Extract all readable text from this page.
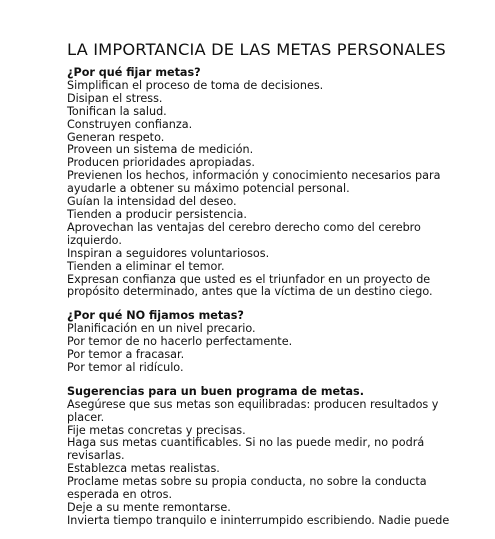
LA IMPORTANCIA DE LAS METAS PERSONALES

¿Por qué fijar metas?

Simplifican el proceso de toma de decisiones.
Disipan el stress.
Tonifican la salud.
Construyen confianza.
Generan respeto.
Proveen un sistema de medición.
Producen prioridades apropiadas.
Previenen los hechos, información y conocimiento necesarios para ayudarle a obtener su máximo potencial personal.
Guían la intensidad del deseo.
Tienden a producir persistencia.
Aprovechan las ventajas del cerebro derecho como del cerebro izquierdo.
Inspiran a seguidores voluntariosos.
Tienden a eliminar el temor.
Expresan confianza que usted es el triunfador en un proyecto de propósito determinado, antes que la víctima de un destino ciego.

¿Por qué NO fijamos metas?

Planificación en un nivel precario.
Por temor de no hacerlo perfectamente.
Por temor a fracasar.
Por temor al ridículo.

Sugerencias para un buen programa de metas.

Asegúrese que sus metas son equilibradas: producen resultados y placer.
Fije metas concretas y precisas.
Haga sus metas cuantificables. Si no las puede medir, no podrá revisarlas.
Establezca metas realistas.
Proclame metas sobre su propia conducta, no sobre la conducta esperada en otros.
Deje a su mente remontarse.
Invierta tiempo tranquilo e ininterrumpido escribiendo. Nadie puede
